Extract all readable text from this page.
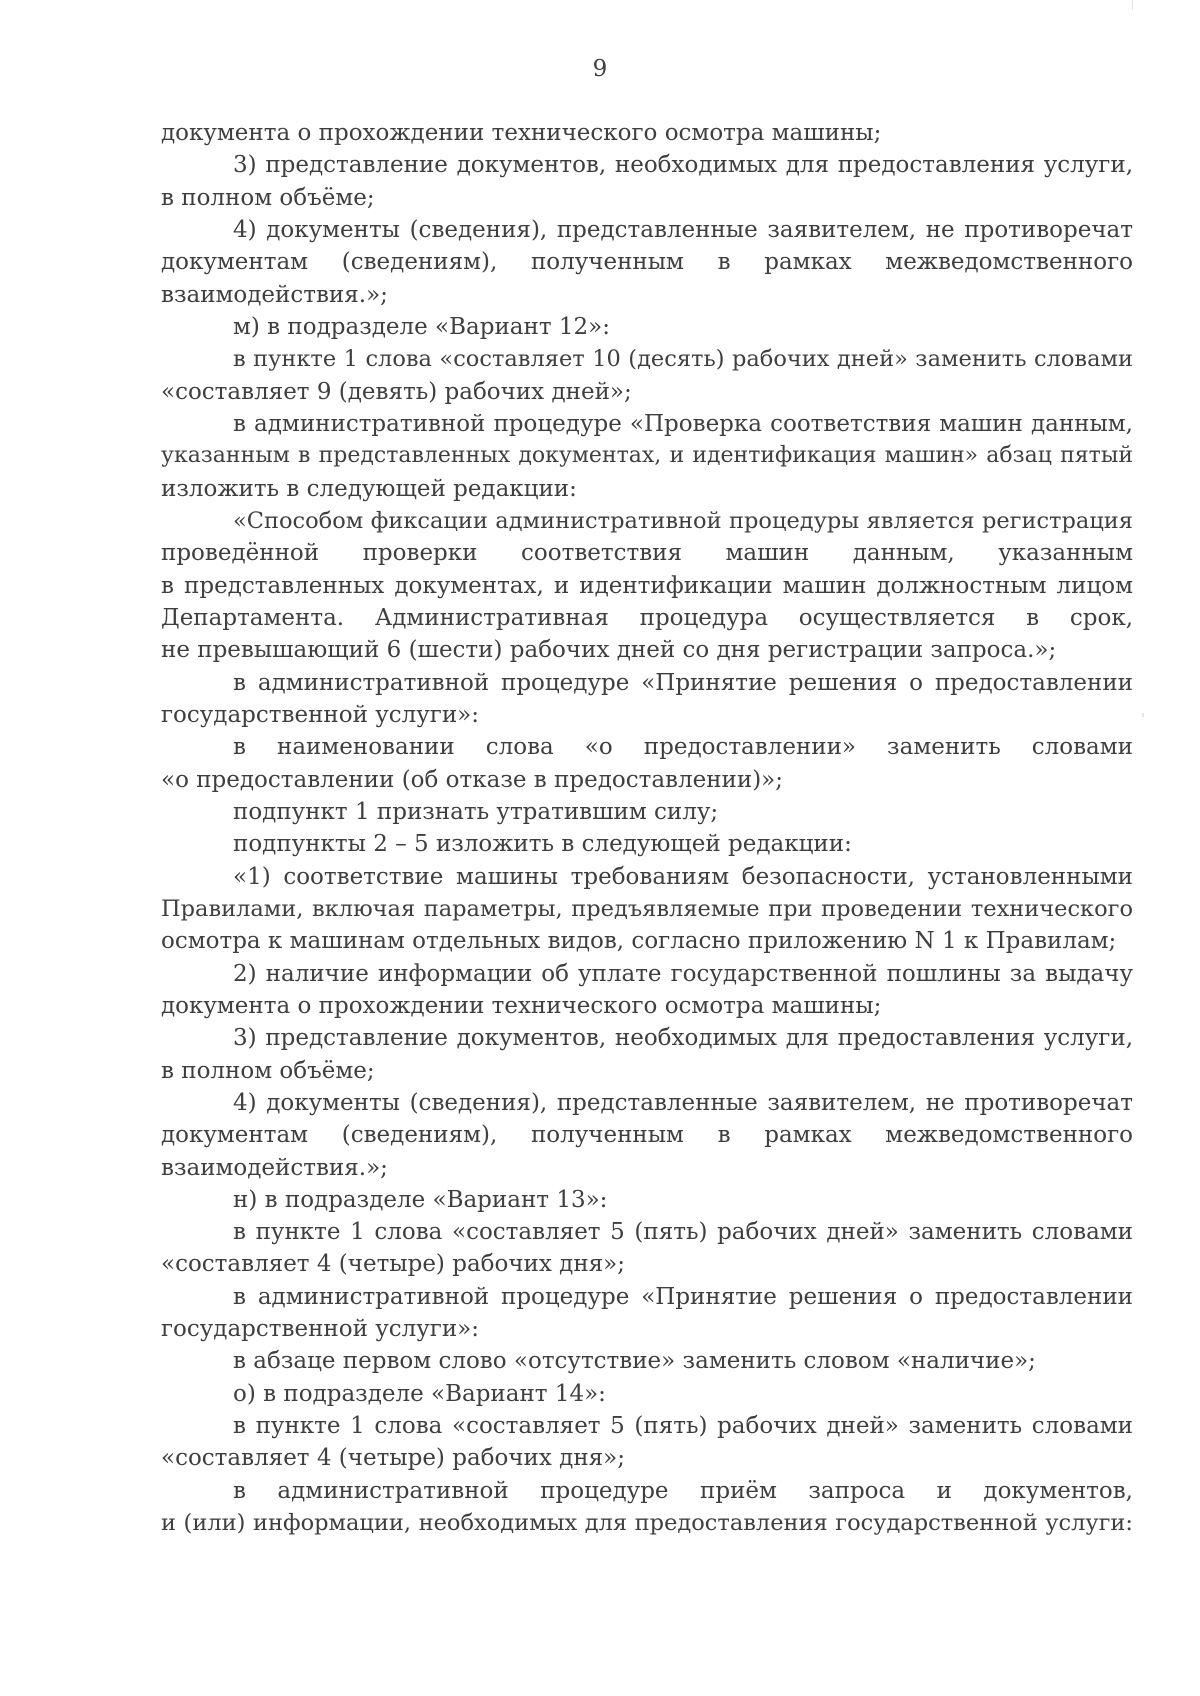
9
документа о прохождении технического осмотра машины;
3) представление документов, необходимых для предоставления услуги,
в полном объёме;
4) документы (сведения), представленные заявителем, не противоречат
документам (сведениям), полученным в рамках межведомственного
взаимодействия.»;
м) в подразделе «Вариант 12»:
в пункте 1 слова «составляет 10 (десять) рабочих дней» заменить словами
«составляет 9 (девять) рабочих дней»;
в административной процедуре «Проверка соответствия машин данным,
указанным в представленных документах, и идентификация машин» абзац пятый
изложить в следующей редакции:
«Способом фиксации административной процедуры является регистрация
проведённой проверки соответствия машин данным, указанным
в представленных документах, и идентификации машин должностным лицом
Департамента. Административная процедура осуществляется в срок,
не превышающий 6 (шести) рабочих дней со дня регистрации запроса.»;
в административной процедуре «Принятие решения о предоставлении
государственной услуги»:
в наименовании слова «о предоставлении» заменить словами
«о предоставлении (об отказе в предоставлении)»;
подпункт 1 признать утратившим силу;
подпункты 2 – 5 изложить в следующей редакции:
«1) соответствие машины требованиям безопасности, установленными
Правилами, включая параметры, предъявляемые при проведении технического
осмотра к машинам отдельных видов, согласно приложению N 1 к Правилам;
2) наличие информации об уплате государственной пошлины за выдачу
документа о прохождении технического осмотра машины;
3) представление документов, необходимых для предоставления услуги,
в полном объёме;
4) документы (сведения), представленные заявителем, не противоречат
документам (сведениям), полученным в рамках межведомственного
взаимодействия.»;
н) в подразделе «Вариант 13»:
в пункте 1 слова «составляет 5 (пять) рабочих дней» заменить словами
«составляет 4 (четыре) рабочих дня»;
в административной процедуре «Принятие решения о предоставлении
государственной услуги»:
в абзаце первом слово «отсутствие» заменить словом «наличие»;
о) в подразделе «Вариант 14»:
в пункте 1 слова «составляет 5 (пять) рабочих дней» заменить словами
«составляет 4 (четыре) рабочих дня»;
в административной процедуре приём запроса и документов,
и (или) информации, необходимых для предоставления государственной услуги:
